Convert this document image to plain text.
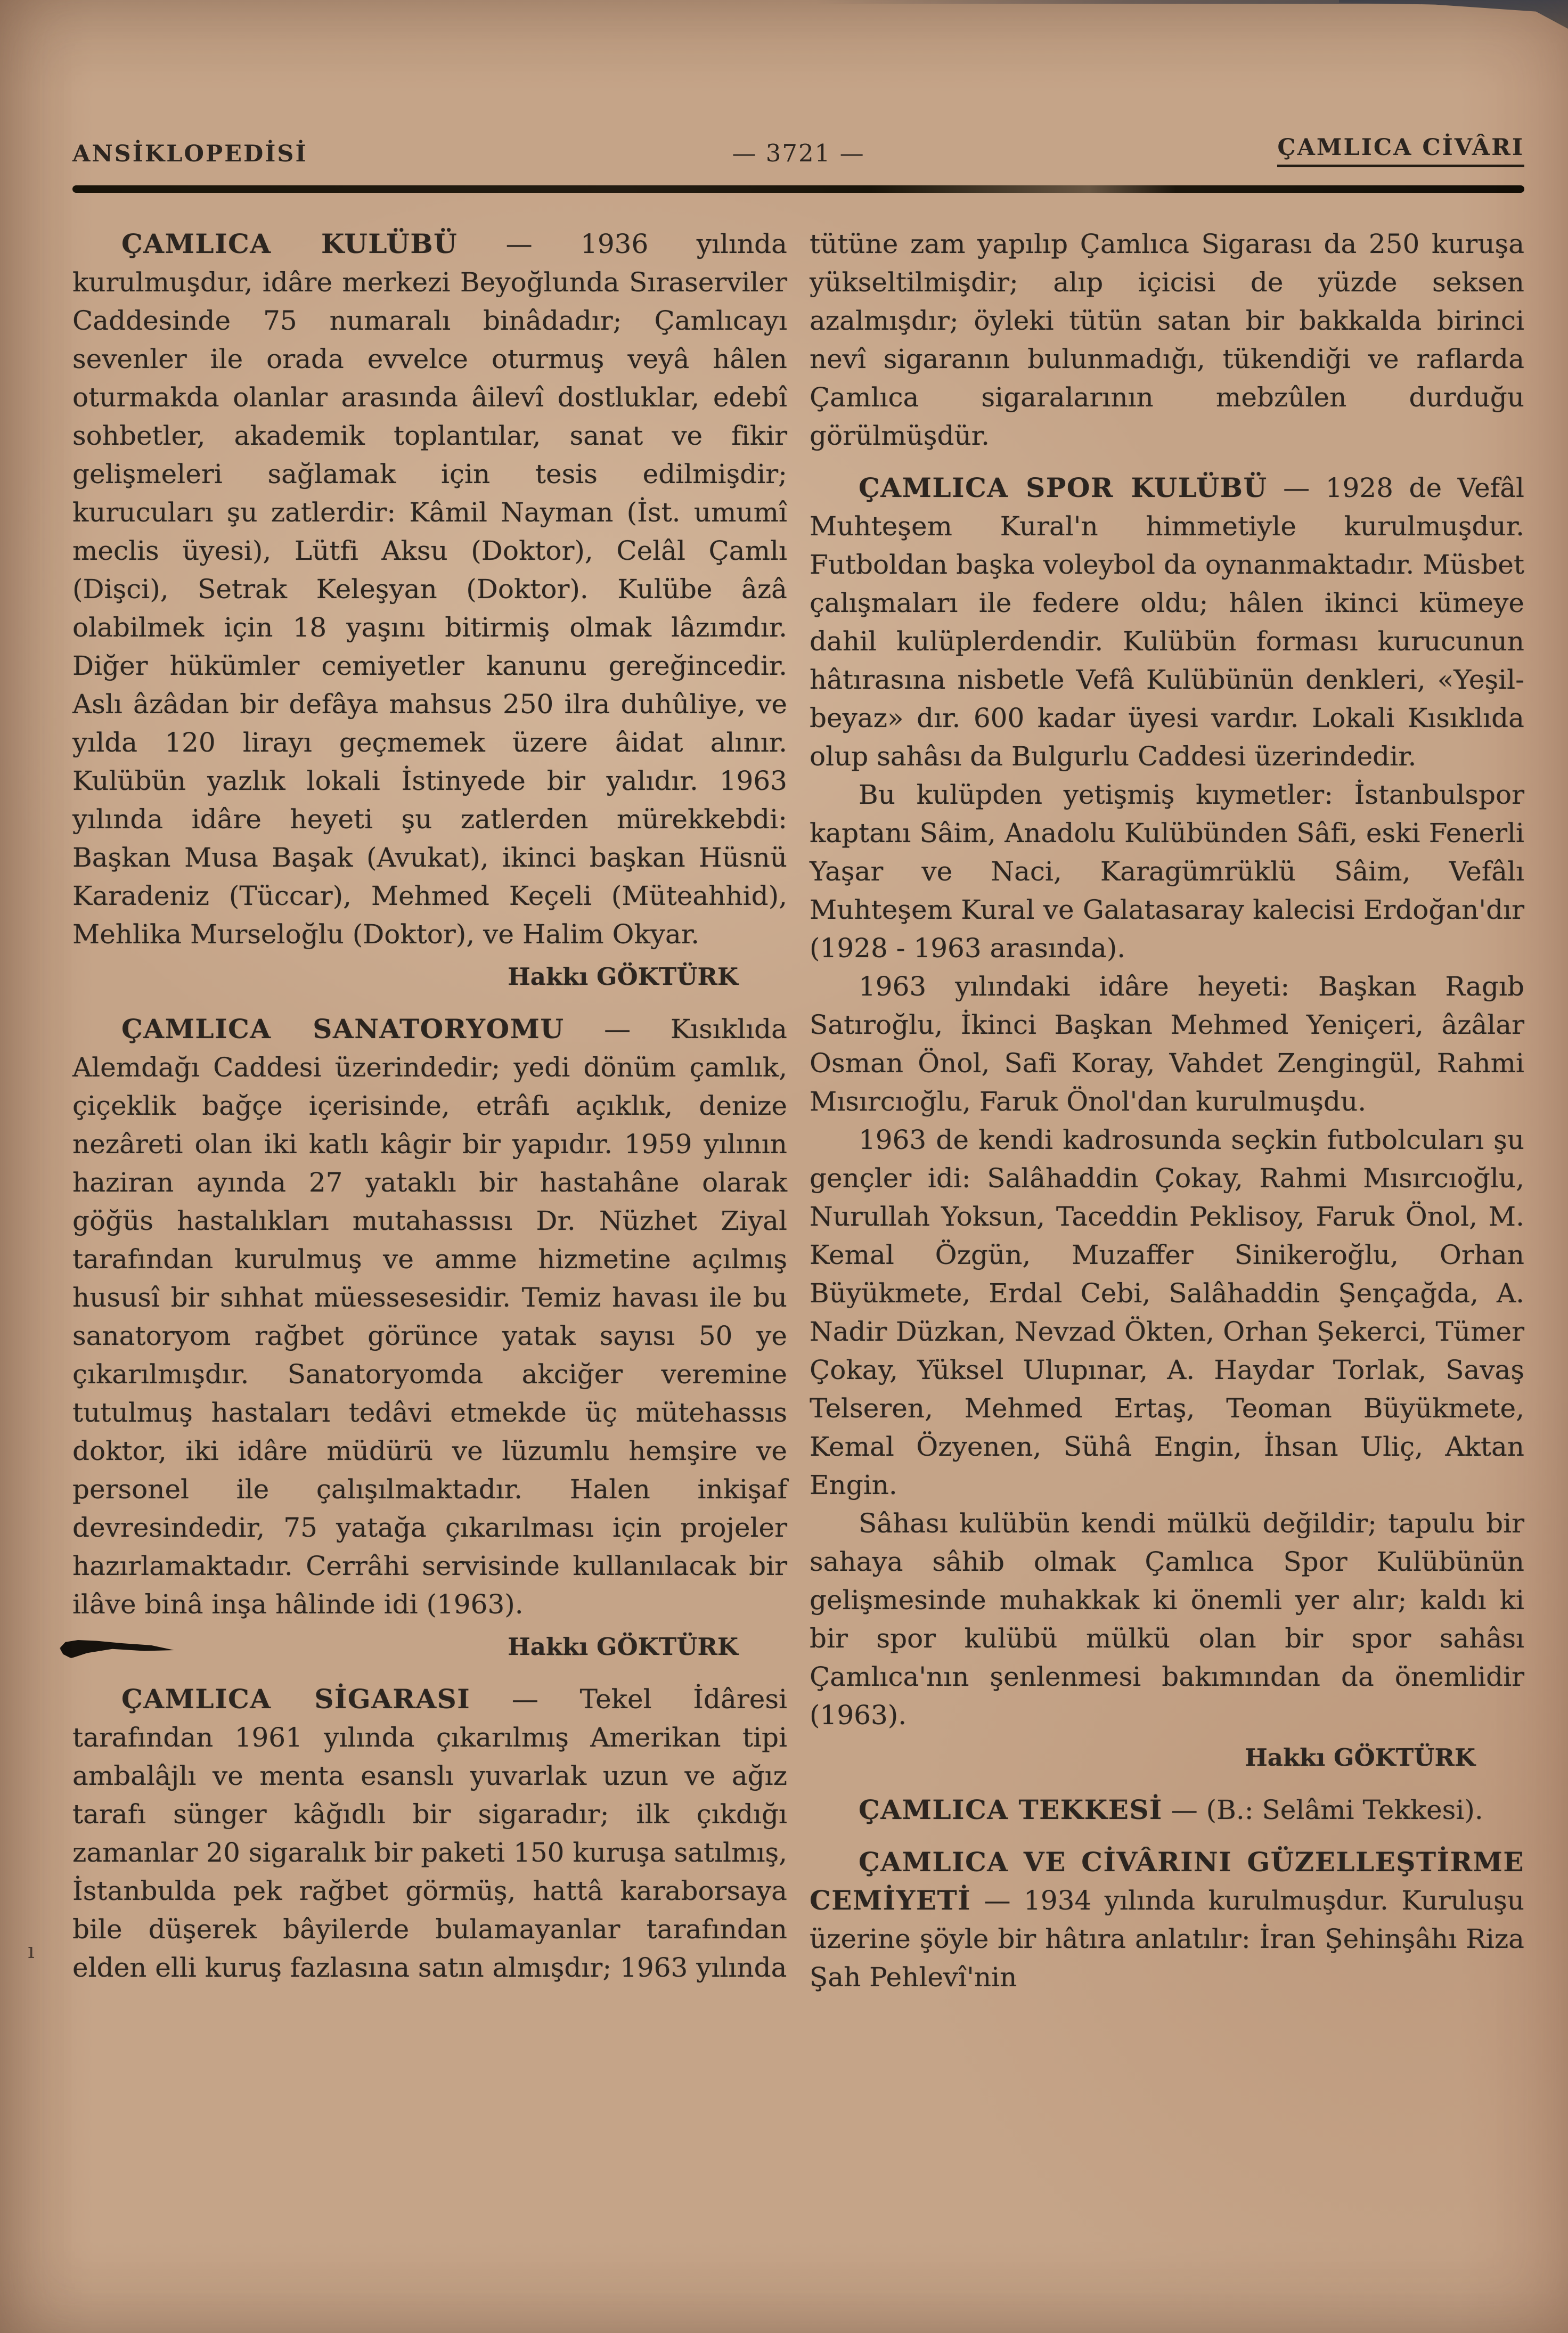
ANSİKLOPEDİSİ	— 3721 —	ÇAMLICA CİVÂRI

ÇAMLICA KULÜBÜ — 1936 yılında kurulmuşdur, idâre merkezi Beyoğlunda Sıraserviler Caddesinde 75 numaralı binâdadır; Çamlıcayı sevenler ile orada evvelce oturmuş veyâ hâlen oturmakda olanlar arasında âilevî dostluklar, edebî sohbetler, akademik toplantılar, sanat ve fikir gelişmeleri sağlamak için tesis edilmişdir; kurucuları şu zatlerdir: Kâmil Nayman (İst. umumî meclis üyesi), Lütfi Aksu (Doktor), Celâl Çamlı (Dişci), Setrak Keleşyan (Doktor). Kulübe âzâ olabilmek için 18 yaşını bitirmiş olmak lâzımdır. Diğer hükümler cemiyetler kanunu gereğincedir. Aslı âzâdan bir defâya mahsus 250 ilra duhûliye, ve yılda 120 lirayı geçmemek üzere âidat alınır. Kulübün yazlık lokali İstinyede bir yalıdır. 1963 yılında idâre heyeti şu zatlerden mürekkebdi: Başkan Musa Başak (Avukat), ikinci başkan Hüsnü Karadeniz (Tüccar), Mehmed Keçeli (Müteahhid), Mehlika Murseloğlu (Doktor), ve Halim Okyar.

Hakkı GÖKTÜRK

ÇAMLICA SANATORYOMU — Kısıklıda Alemdağı Caddesi üzerindedir; yedi dönüm çamlık, çiçeklik bağçe içerisinde, etrâfı açıklık, denize nezâreti olan iki katlı kâgir bir yapıdır. 1959 yılının haziran ayında 27 yataklı bir hastahâne olarak göğüs hastalıkları mutahassısı Dr. Nüzhet Ziyal tarafından kurulmuş ve amme hizmetine açılmış hususî bir sıhhat müessesesidir. Temiz havası ile bu sanatoryom rağbet görünce yatak sayısı 50 ye çıkarılmışdır. Sanatoryomda akciğer veremine tutulmuş hastaları tedâvi etmekde üç mütehassıs doktor, iki idâre müdürü ve lüzumlu hemşire ve personel ile çalışılmaktadır. Halen inkişaf devresindedir, 75 yatağa çıkarılması için projeler hazırlamaktadır. Cerrâhi servisinde kullanılacak bir ilâve binâ inşa hâlinde idi (1963).

Hakkı GÖKTÜRK

ÇAMLICA SİGARASI — Tekel İdâresi tarafından 1961 yılında çıkarılmış Amerikan tipi ambalâjlı ve menta esanslı yuvarlak uzun ve ağız tarafı sünger kâğıdlı bir sigaradır; ilk çıkdığı zamanlar 20 sigaralık bir paketi 150 kuruşa satılmış, İstanbulda pek rağbet görmüş, hattâ karaborsaya bile düşerek bâyilerde bulamayanlar tarafından elden elli kuruş fazlasına satın almışdır; 1963 yılında

tütüne zam yapılıp Çamlıca Sigarası da 250 kuruşa yükseltilmişdir; alıp içicisi de yüzde seksen azalmışdır; öyleki tütün satan bir bakkalda birinci nevî sigaranın bulunmadığı, tükendiği ve raflarda Çamlıca sigaralarının mebzûlen durduğu görülmüşdür.

ÇAMLICA SPOR KULÜBÜ — 1928 de Vefâl Muhteşem Kural'n himmetiyle kurulmuşdur. Futboldan başka voleybol da oynanmaktadır. Müsbet çalışmaları ile federe oldu; hâlen ikinci kümeye dahil kulüplerdendir. Kulübün forması kurucunun hâtırasına nisbetle Vefâ Kulübünün denkleri, «Yeşil-beyaz» dır. 600 kadar üyesi vardır. Lokali Kısıklıda olup sahâsı da Bulgurlu Caddesi üzerindedir.

Bu kulüpden yetişmiş kıymetler: İstanbulspor kaptanı Sâim, Anadolu Kulübünden Sâfi, eski Fenerli Yaşar ve Naci, Karagümrüklü Sâim, Vefâlı Muhteşem Kural ve Galatasaray kalecisi Erdoğan'dır (1928 - 1963 arasında).

1963 yılındaki idâre heyeti: Başkan Ragıb Satıroğlu, İkinci Başkan Mehmed Yeniçeri, âzâlar Osman Önol, Safi Koray, Vahdet Zengingül, Rahmi Mısırcıoğlu, Faruk Önol'dan kurulmuşdu.

1963 de kendi kadrosunda seçkin futbolcuları şu gençler idi: Salâhaddin Çokay, Rahmi Mısırcıoğlu, Nurullah Yoksun, Taceddin Peklisoy, Faruk Önol, M. Kemal Özgün, Muzaffer Sinikeroğlu, Orhan Büyükmete, Erdal Cebi, Salâhaddin Şençağda, A. Nadir Düzkan, Nevzad Ökten, Orhan Şekerci, Tümer Çokay, Yüksel Ulupınar, A. Haydar Torlak, Savaş Telseren, Mehmed Ertaş, Teoman Büyükmete, Kemal Özyenen, Sühâ Engin, İhsan Uliç, Aktan Engin.

Sâhası kulübün kendi mülkü değildir; tapulu bir sahaya sâhib olmak Çamlıca Spor Kulübünün gelişmesinde muhakkak ki önemli yer alır; kaldı ki bir spor kulübü mülkü olan bir spor sahâsı Çamlıca'nın şenlenmesi bakımından da önemlidir (1963).

Hakkı GÖKTÜRK

ÇAMLICA TEKKESİ — (B.: Selâmi Tekkesi).

ÇAMLICA VE CİVÂRINI GÜZELLEŞTİRME CEMİYETİ — 1934 yılında kurulmuşdur. Kuruluşu üzerine şöyle bir hâtıra anlatılır: İran Şehinşâhı Riza Şah Pehlevî'nin

ı
